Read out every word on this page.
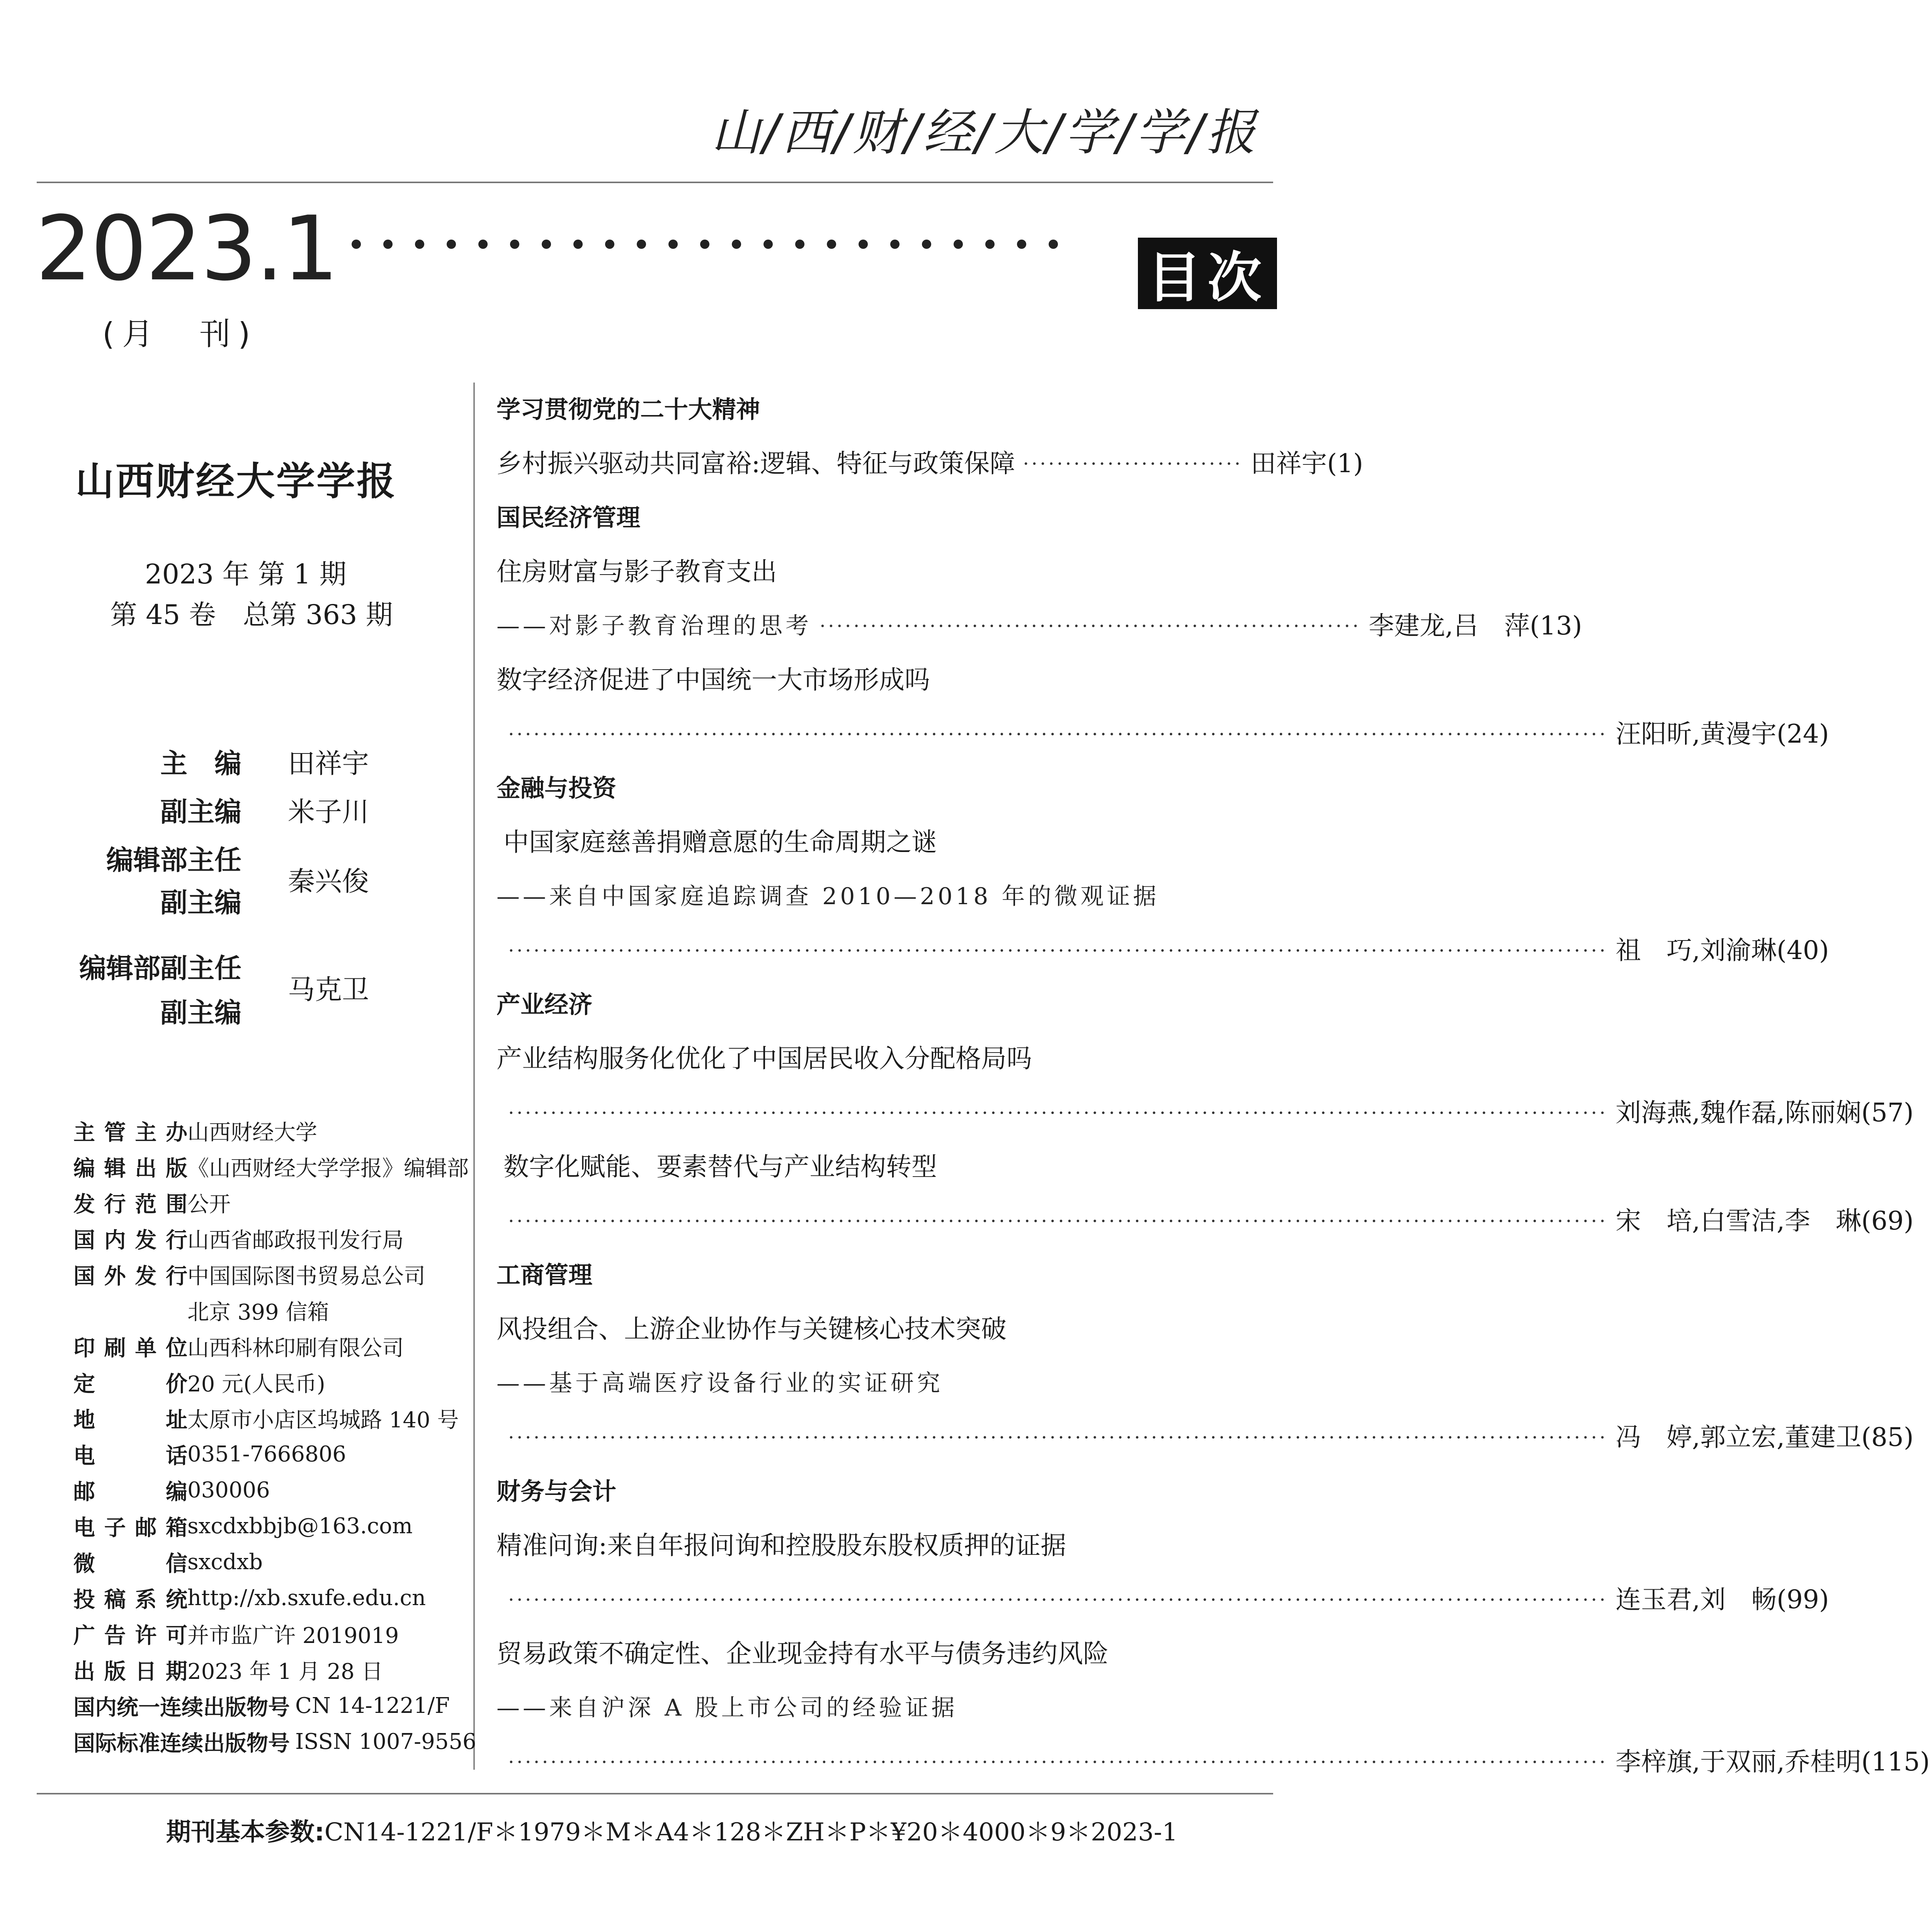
山/西/财/经/大/学/学/报
2023.1
(月　刊)
目次
山西财经大学学报
2023 年 第 1 期
第 45 卷　总第 363 期
主　编 田祥宇
副主编 米子川
编辑部主任
副主编
秦兴俊
编辑部副主任
副主编
马克卫
主管主办 山西财经大学
编辑出版 《山西财经大学学报》编辑部
发行范围 公开
国内发行 山西省邮政报刊发行局
国外发行 中国国际图书贸易总公司
北京 399 信箱
印刷单位 山西科林印刷有限公司
定　　价 20 元(人民币)
地　　址 太原市小店区坞城路 140 号
电　　话 0351-7666806
邮　　编 030006
电子邮箱 sxcdxbbjb@163.com
微　　信 sxcdxb
投稿系统 http://xb.sxufe.edu.cn
广告许可 并市监广许 2019019
出版日期 2023 年 1 月 28 日
国内统一连续出版物号 CN 14-1221/F
国际标准连续出版物号 ISSN 1007-9556
学习贯彻党的二十大精神
乡村振兴驱动共同富裕:逻辑、特征与政策保障 ·························· 田祥宇(1)
国民经济管理
住房财富与影子教育支出
——对影子教育治理的思考 ································································ 李建龙,吕　萍(13)
数字经济促进了中国统一大市场形成吗
·································································································································· 汪阳昕,黄漫宇(24)
金融与投资
中国家庭慈善捐赠意愿的生命周期之谜
——来自中国家庭追踪调查 2010—2018 年的微观证据
·································································································································· 祖　巧,刘渝琳(40)
产业经济
产业结构服务化优化了中国居民收入分配格局吗
·································································································································· 刘海燕,魏作磊,陈丽娴(57)
数字化赋能、要素替代与产业结构转型
·································································································································· 宋　培,白雪洁,李　琳(69)
工商管理
风投组合、上游企业协作与关键核心技术突破
——基于高端医疗设备行业的实证研究
·································································································································· 冯　婷,郭立宏,董建卫(85)
财务与会计
精准问询:来自年报问询和控股股东股权质押的证据
·································································································································· 连玉君,刘　畅(99)
贸易政策不确定性、企业现金持有水平与债务违约风险
——来自沪深 A 股上市公司的经验证据
·································································································································· 李梓旗,于双丽,乔桂明(115)
期刊基本参数:CN14-1221/F＊1979＊M＊A4＊128＊ZH＊P＊¥20＊4000＊9＊2023-1
